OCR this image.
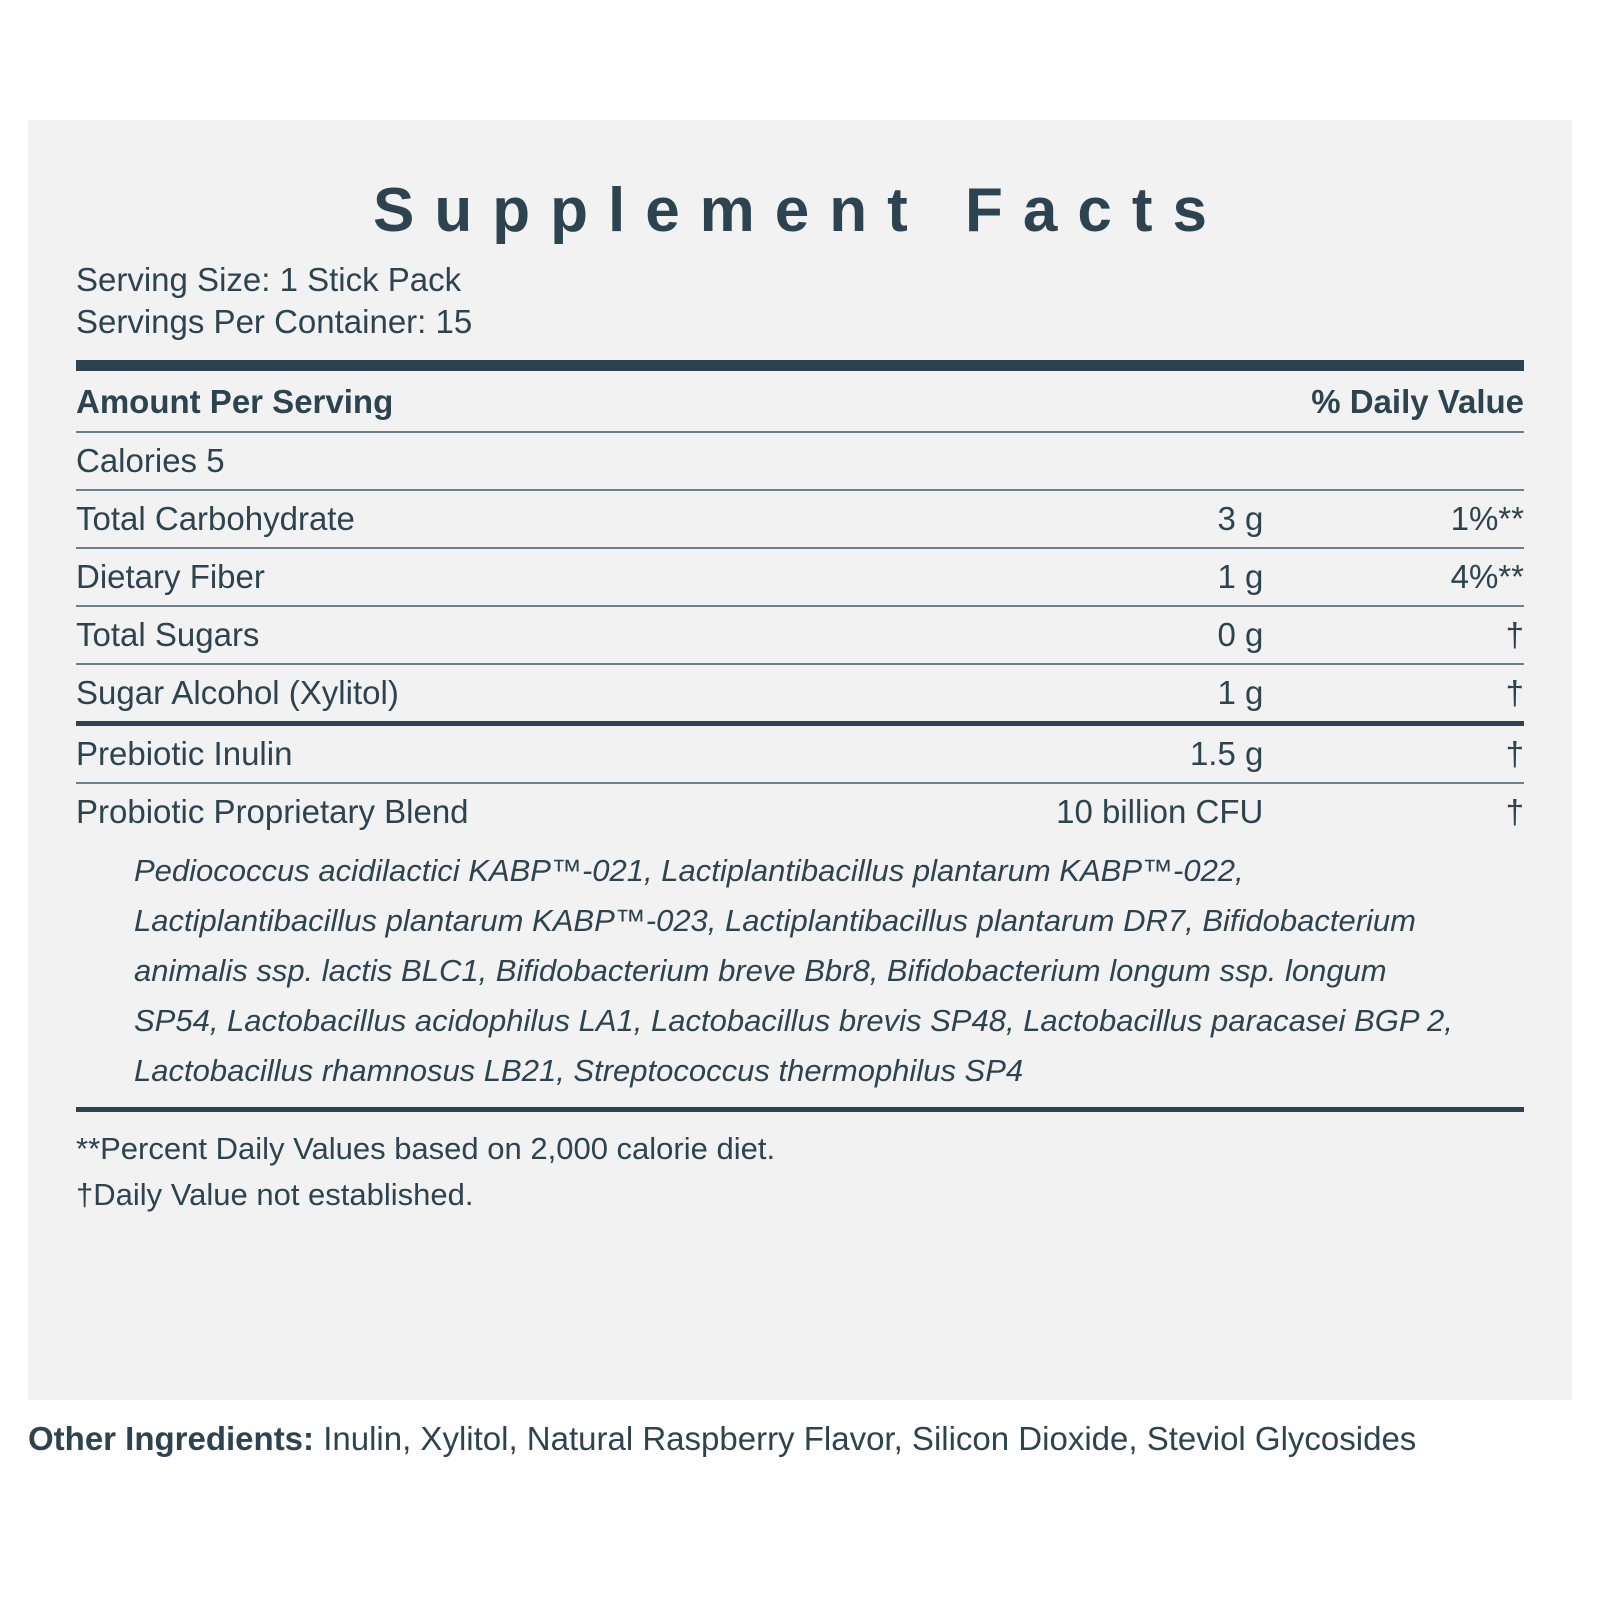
Supplement Facts
Serving Size: 1 Stick Pack
Servings Per Container: 15
Amount Per Serving		% Daily Value
Calories 5		
Total Carbohydrate	3 g	1%**
Dietary Fiber	1 g	4%**
Total Sugars	0 g	†
Sugar Alcohol (Xylitol)	1 g	†
Prebiotic Inulin	1.5 g	†
Probiotic Proprietary Blend	10 billion CFU	†
Pediococcus acidilactici KABP™-021, Lactiplantibacillus plantarum KABP™-022, Lactiplantibacillus plantarum KABP™-023, Lactiplantibacillus plantarum DR7, Bifidobacterium animalis ssp. lactis BLC1, Bifidobacterium breve Bbr8, Bifidobacterium longum ssp. longum SP54, Lactobacillus acidophilus LA1, Lactobacillus brevis SP48, Lactobacillus paracasei BGP 2, Lactobacillus rhamnosus LB21, Streptococcus thermophilus SP4
**Percent Daily Values based on 2,000 calorie diet.
†Daily Value not established.
Other Ingredients: Inulin, Xylitol, Natural Raspberry Flavor, Silicon Dioxide, Steviol Glycosides
